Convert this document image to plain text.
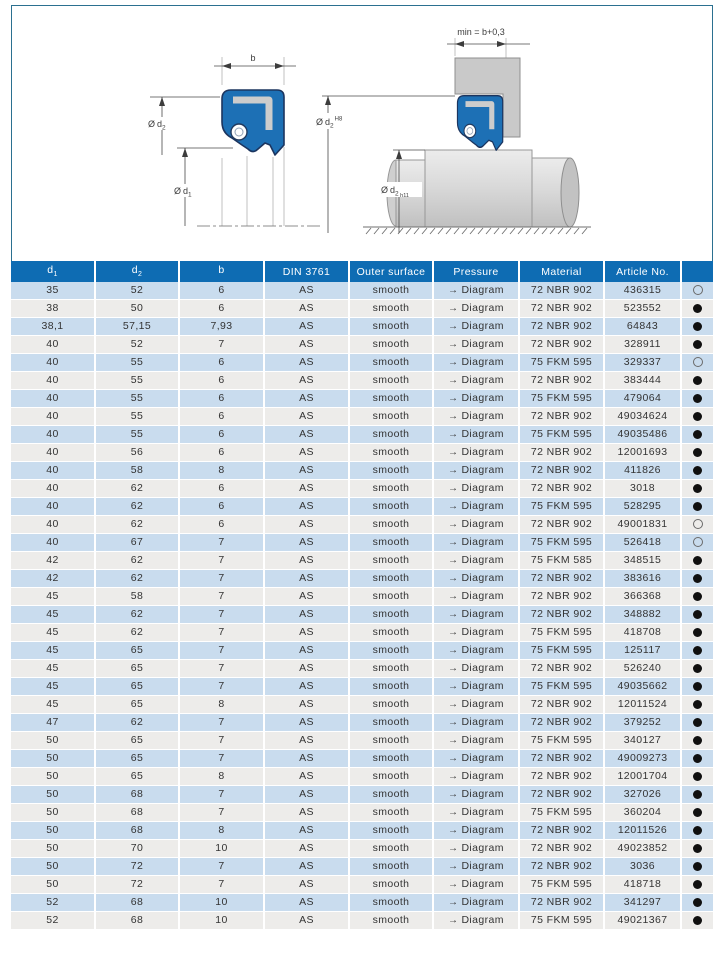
b
Ø $d_2$
Ø $d_1$
min = b+0,3
Ø $d_2^{H8}$
Ø $d_2$ h11
$d_1$	$d_2$	b	DIN 3761	Outer surface	Pressure	Material	Article No.	
35	52	6	AS	smooth	→ Diagram	72 NBR 902	436315	
38	50	6	AS	smooth	→ Diagram	72 NBR 902	523552	
38,1	57,15	7,93	AS	smooth	→ Diagram	72 NBR 902	64843	
40	52	7	AS	smooth	→ Diagram	72 NBR 902	328911	
40	55	6	AS	smooth	→ Diagram	75 FKM 595	329337	
40	55	6	AS	smooth	→ Diagram	72 NBR 902	383444	
40	55	6	AS	smooth	→ Diagram	75 FKM 595	479064	
40	55	6	AS	smooth	→ Diagram	72 NBR 902	49034624	
40	55	6	AS	smooth	→ Diagram	75 FKM 595	49035486	
40	56	6	AS	smooth	→ Diagram	72 NBR 902	12001693	
40	58	8	AS	smooth	→ Diagram	72 NBR 902	411826	
40	62	6	AS	smooth	→ Diagram	72 NBR 902	3018	
40	62	6	AS	smooth	→ Diagram	75 FKM 595	528295	
40	62	6	AS	smooth	→ Diagram	72 NBR 902	49001831	
40	67	7	AS	smooth	→ Diagram	75 FKM 595	526418	
42	62	7	AS	smooth	→ Diagram	75 FKM 585	348515	
42	62	7	AS	smooth	→ Diagram	72 NBR 902	383616	
45	58	7	AS	smooth	→ Diagram	72 NBR 902	366368	
45	62	7	AS	smooth	→ Diagram	72 NBR 902	348882	
45	62	7	AS	smooth	→ Diagram	75 FKM 595	418708	
45	65	7	AS	smooth	→ Diagram	75 FKM 595	125117	
45	65	7	AS	smooth	→ Diagram	72 NBR 902	526240	
45	65	7	AS	smooth	→ Diagram	75 FKM 595	49035662	
45	65	8	AS	smooth	→ Diagram	72 NBR 902	12011524	
47	62	7	AS	smooth	→ Diagram	72 NBR 902	379252	
50	65	7	AS	smooth	→ Diagram	75 FKM 595	340127	
50	65	7	AS	smooth	→ Diagram	72 NBR 902	49009273	
50	65	8	AS	smooth	→ Diagram	72 NBR 902	12001704	
50	68	7	AS	smooth	→ Diagram	72 NBR 902	327026	
50	68	7	AS	smooth	→ Diagram	75 FKM 595	360204	
50	68	8	AS	smooth	→ Diagram	72 NBR 902	12011526	
50	70	10	AS	smooth	→ Diagram	72 NBR 902	49023852	
50	72	7	AS	smooth	→ Diagram	72 NBR 902	3036	
50	72	7	AS	smooth	→ Diagram	75 FKM 595	418718	
52	68	10	AS	smooth	→ Diagram	72 NBR 902	341297	
52	68	10	AS	smooth	→ Diagram	75 FKM 595	49021367	
